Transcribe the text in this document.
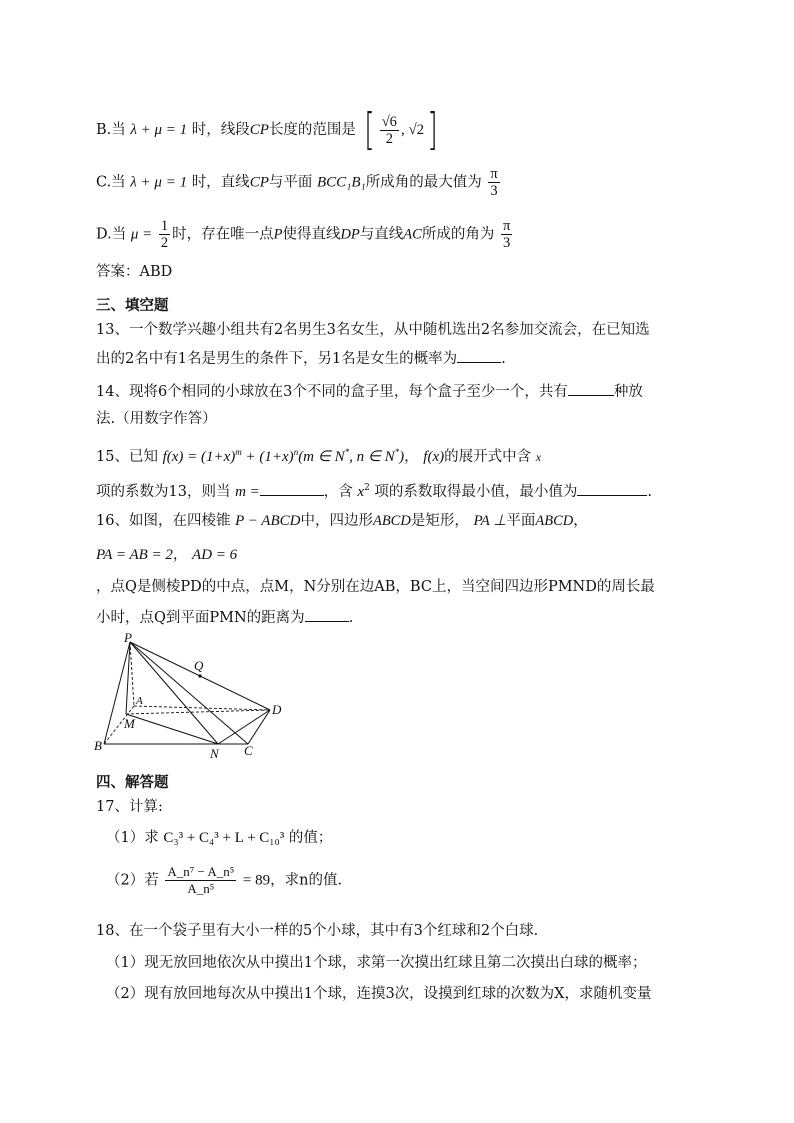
B.当 λ + μ = 1 时，线段CP长度的范围是 [ $\frac{√6}{2}$ , √2 ]
C.当 λ + μ = 1 时，直线CP与平面 BCC₁B₁所成角的最大值为 $\frac{\pi}{3}$
D.当 $\mu = \frac{1}{2}$ 时，存在唯一点P使得直线DP与直线AC所成的角为 $\frac{\pi}{3}$
答案：ABD
三、填空题
13、一个数学兴趣小组共有2名男生3名女生，从中随机选出2名参加交流会，在已知选
出的2名中有1名是男生的条件下，另1名是女生的概率为	.
14、现将6个相同的小球放在3个不同的盒子里，每个盒子至少一个，共有	种放
法.（用数字作答）
15、已知 $f(x) = (1+x)^m + (1+x)^n(m$ ∈ N*, n ∈ N*)， f(x)的展开式中含 x
项的系数为13，则当 m =	，含 $x^2$ 项的系数取得最小值，最小值为	.
16、如图，在四棱锥 P − ABCD中，四边形ABCD是矩形， PA ⊥平面ABCD，
PA = AB = 2， AD = 6
，点Q是侧棱PD的中点，点M，N分别在边AB，BC上，当空间四边形PMND的周长最
小时，点Q到平面PMN的距离为	.
P
Q
A
D
M
B
N C
四、解答题
17、计算:
（1）求 C₃³ + C₄³ + L + C₁₀³ 的值；
（2）若 $\frac{\text{A\_n⁷ − A\_n⁵}}{\text{A\_n⁵}} = 89$，求n的值.
18、在一个袋子里有大小一样的5个小球，其中有3个红球和2个白球.
（1）现无放回地依次从中摸出1个球，求第一次摸出红球且第二次摸出白球的概率；
（2）现有放回地每次从中摸出1个球，连摸3次，设摸到红球的次数为X，求随机变量
